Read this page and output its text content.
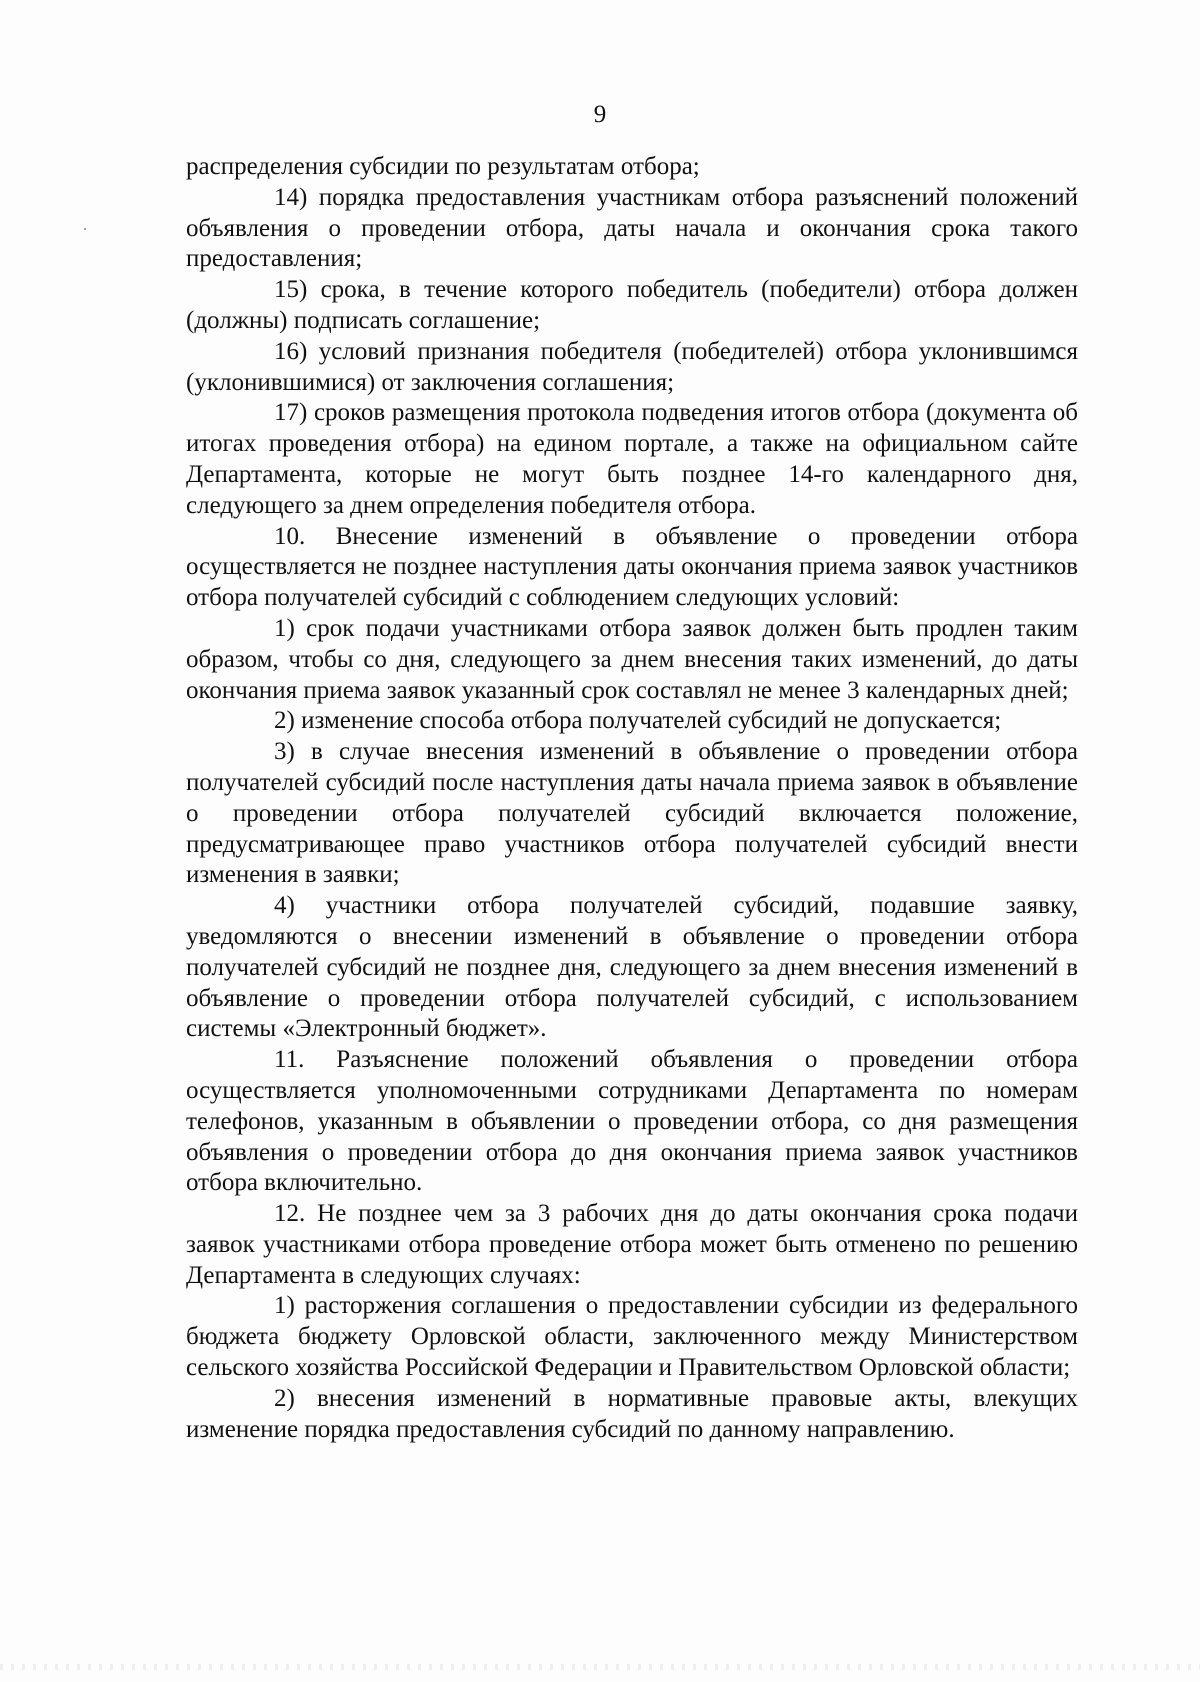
9

распределения субсидии по результатам отбора;

14) порядка предоставления участникам отбора разъяснений положений объявления о проведении отбора, даты начала и окончания срока такого предоставления;

15) срока, в течение которого победитель (победители) отбора должен (должны) подписать соглашение;

16) условий признания победителя (победителей) отбора уклонившимся (уклонившимися) от заключения соглашения;

17) сроков размещения протокола подведения итогов отбора (документа об итогах проведения отбора) на едином портале, а также на официальном сайте Департамента, которые не могут быть позднее 14-го календарного дня, следующего за днем определения победителя отбора.

10. Внесение изменений в объявление о проведении отбора осуществляется не позднее наступления даты окончания приема заявок участников отбора получателей субсидий с соблюдением следующих условий:

1) срок подачи участниками отбора заявок должен быть продлен таким образом, чтобы со дня, следующего за днем внесения таких изменений, до даты окончания приема заявок указанный срок составлял не менее 3 календарных дней;

2) изменение способа отбора получателей субсидий не допускается;

3) в случае внесения изменений в объявление о проведении отбора получателей субсидий после наступления даты начала приема заявок в объявление о проведении отбора получателей субсидий включается положение, предусматривающее право участников отбора получателей субсидий внести изменения в заявки;

4) участники отбора получателей субсидий, подавшие заявку, уведомляются о внесении изменений в объявление о проведении отбора получателей субсидий не позднее дня, следующего за днем внесения изменений в объявление о проведении отбора получателей субсидий, с использованием системы «Электронный бюджет».

11. Разъяснение положений объявления о проведении отбора осуществляется уполномоченными сотрудниками Департамента по номерам телефонов, указанным в объявлении о проведении отбора, со дня размещения объявления о проведении отбора до дня окончания приема заявок участников отбора включительно.

12. Не позднее чем за 3 рабочих дня до даты окончания срока подачи заявок участниками отбора проведение отбора может быть отменено по решению Департамента в следующих случаях:

1) расторжения соглашения о предоставлении субсидии из федерального бюджета бюджету Орловской области, заключенного между Министерством сельского хозяйства Российской Федерации и Правительством Орловской области;

2) внесения изменений в нормативные правовые акты, влекущих изменение порядка предоставления субсидий по данному направлению.
